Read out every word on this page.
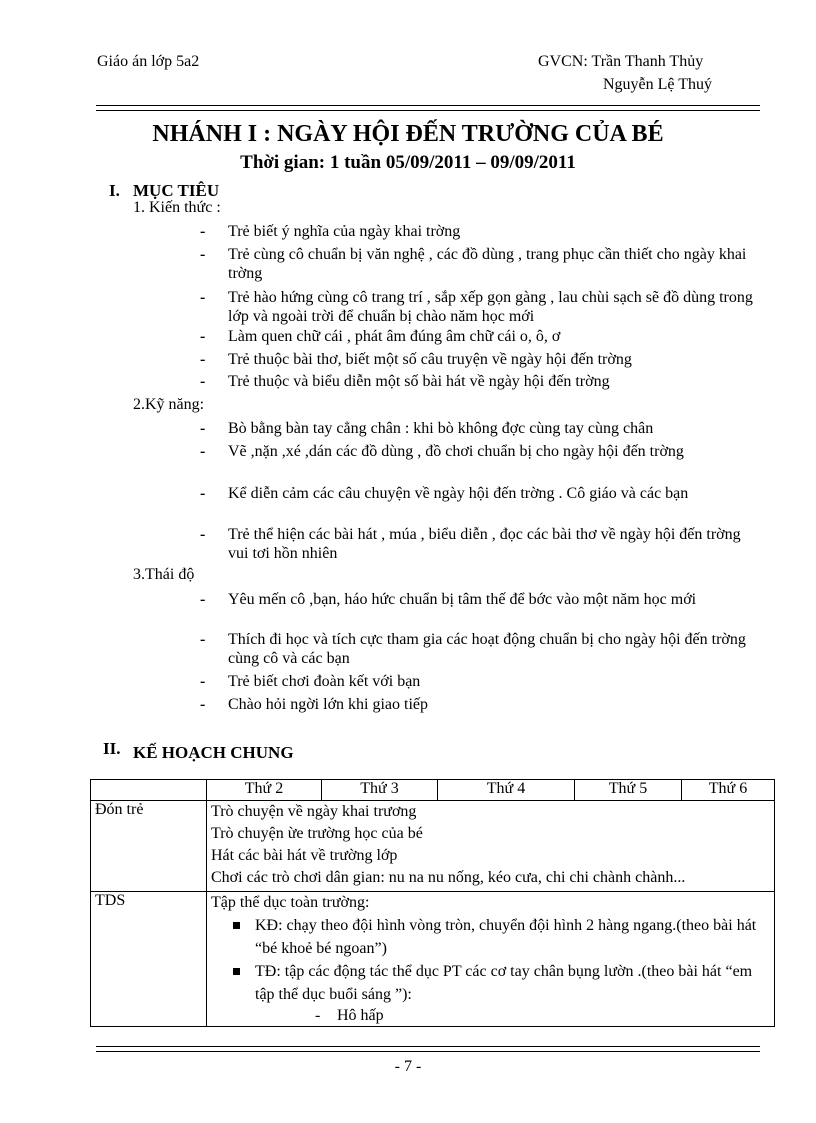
Giáo án lớp 5a2	GVCN: Trần Thanh Thủy
Nguyễn Lệ Thuý
NHÁNH I : NGÀY HỘI ĐẾN TRƯỜNG CỦA BÉ
Thời gian: 1 tuần 05/09/2011 – 09/09/2011
I. MỤC TIÊU
1. Kiến thức :
- Trẻ biết ý nghĩa của ngày khai trờng
- Trẻ cùng cô chuẩn bị văn nghệ , các đồ dùng , trang phục cần thiết cho ngày khai trờng
- Trẻ hào hứng cùng cô trang trí , sắp xếp gọn gàng , lau chùi sạch sẽ đồ dùng trong lớp và ngoài trời để chuẩn bị chào năm học mới
- Làm quen chữ cái , phát âm đúng âm chữ cái o, ô, ơ
- Trẻ thuộc bài thơ, biết một số câu truyện về ngày hội đến trờng
- Trẻ thuộc và biểu diễn một số bài hát về ngày hội đến trờng
2.Kỹ năng:
- Bò bằng bàn tay cẳng chân : khi bò không đợc cùng tay cùng chân
- Vẽ ,nặn ,xé ,dán các đồ dùng , đồ chơi chuẩn bị cho ngày hội đến trờng
- Kể diễn cảm các câu chuyện về ngày hội đến trờng . Cô giáo và các bạn
- Trẻ thể hiện các bài hát , múa , biểu diễn , đọc các bài thơ về ngày hội đến trờng vui tơi hồn nhiên
3.Thái độ
- Yêu mến cô ,bạn, háo hức chuẩn bị tâm thế để bớc vào một năm học mới
- Thích đi học và tích cực tham gia các hoạt động chuẩn bị cho ngày hội đến trờng cùng cô và các bạn
- Trẻ biết chơi đoàn kết với bạn
- Chào hỏi ngời lớn khi giao tiếp
II. KẾ HOẠCH CHUNG
	Thứ 2	Thứ 3	Thứ 4	Thứ 5	Thứ 6
Đón trẻ	Trò chuyện về ngày khai trương
Trò chuyện ừe trường học của bé
Hát các bài hát về trường lớp
Chơi các trò chơi dân gian: nu na nu nống, kéo cưa, chi chi chành chành...				

TDS	Tập thể dục toàn trường:
KĐ: chạy theo đội hình vòng tròn, chuyển đội hình 2 hàng ngang.(theo bài hát “bé khoẻ bé ngoan”)
TĐ: tập các động tác thể dục PT các cơ tay chân bụng lườn .(theo bài hát “em tập thể dục buổi sáng ”):
- Hô hấp				
- 7 -
